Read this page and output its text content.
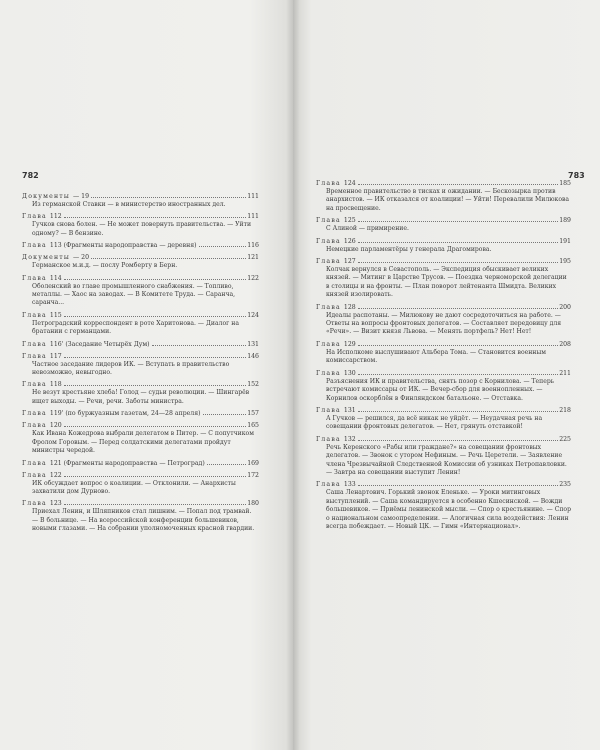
782	783
Документы — 19	111
Из германской Ставки — в министерство иностранных дел.
Глава 112	111
Гучков снова болен. — Не может повернуть правительства. — Уйти одному? — В бензине.
Глава 113 (Фрагменты народоправства — деревня)	116
Документы — 20	121
Германское м.и.д. — послу Ромберту в Берн.
Глава 114	122
Оболенский во главе промышленного снабжения. — Топливо, металлы. — Хаос на заводах. — В Комитете Труда. — Саранча, саранча...
Глава 115	124
Петроградский корреспондент в роте Харитонова. — Диалог на братании с германцами.
Глава 116' (Заседание Четырёх Дум)	131
Глава 117	146
Частное заседание лидеров ИК. — Вступать в правительство невозможно, невыгодно.
Глава 118	152
Не везут крестьяне хлеба! Голод — судьи революции. — Шингарёв ищет выходы. — Речи, речи. Заботы министра.
Глава 119' (по буржуазным газетам, 24—28 апреля)	157
Глава 120	165
Как Ивана Кожедрова выбрали делегатом в Питер. — С попутчиком Фролом Горовым. — Перед солдатскими делегатами пройдут министры чередой.
Глава 121 (Фрагменты народоправства — Петроград)	169
Глава 122	172
ИК обсуждает вопрос о коалиции. — Отклонили. — Анархисты захватили дом Дурново.
Глава 123	180
Приехал Ленин, и Шляпников стал лишним. — Попал под трамвай. — В больнице. — На всероссийской конференции большевиков, новыми глазами. — На собрании уполномоченных красной гвардии.
Глава 124	185
Временное правительство в тисках и ожидании. — Бескозырка против анархистов. — ИК отказался от коалиции! — Уйти! Перевалили Милюкова на просвещение.
Глава 125	189
С Алиной — примирение.
Глава 126	191
Немецкие парламентёры у генерала Драгомирова.
Глава 127	195
Колчак вернулся в Севастополь. — Экспедиция обыскивает великих князей. — Митинг в Царстве Трусов. — Поездка черноморской делегации в столицы и на фронты. — План поворот лейтенанта Шмидта. Великих князей изолировать.
Глава 128	200
Идеалы распотаны. — Милюкову не дают сосредоточиться на работе. — Ответы на вопросы фронтовых делегатов. — Составляет передовицу для «Речи». — Визит князя Львова. — Менять портфель? Нет! Нет!
Глава 129	208
На Исполкоме выслушивают Альбера Тома. — Становится военным комиссарством.
Глава 130	211
Разъяснения ИК и правительства, снять позор с Корнилова. — Теперь встречают комиссары от ИК. — Вечер-сбор для военнопленных. — Корнилов оскорблён в Финляндском батальоне. — Отставка.
Глава 131	218
А Гучков — решился, да всё никак не уйдёт. — Неудачная речь на совещании фронтовых делегатов. — Нет, грянуть отставкой!
Глава 132	225
Речь Керенского «Рабы или граждане?» на совещании фронтовых делегатов. — Звонок с утором Нефиным. — Речь Церетели. — Заявление члена Чрезвычайной Следственной Комиссии об узниках Петропавловки. — Завтра на совещании выступит Ленин!
Глава 133	235
Саша Ленартович. Горький звонок Еленьке. — Уроки митинговых выступлений. — Саша командируется в особенно Кшесинской. — Вожди большевиков. — Приёмы ленинской мысли. — Спор о крестьянине. — Спор о национальном самоопределении. — Алогичная сила воздействия: Ленин всегда побеждает. — Новый ЦК. — Гимн «Интернационал».
